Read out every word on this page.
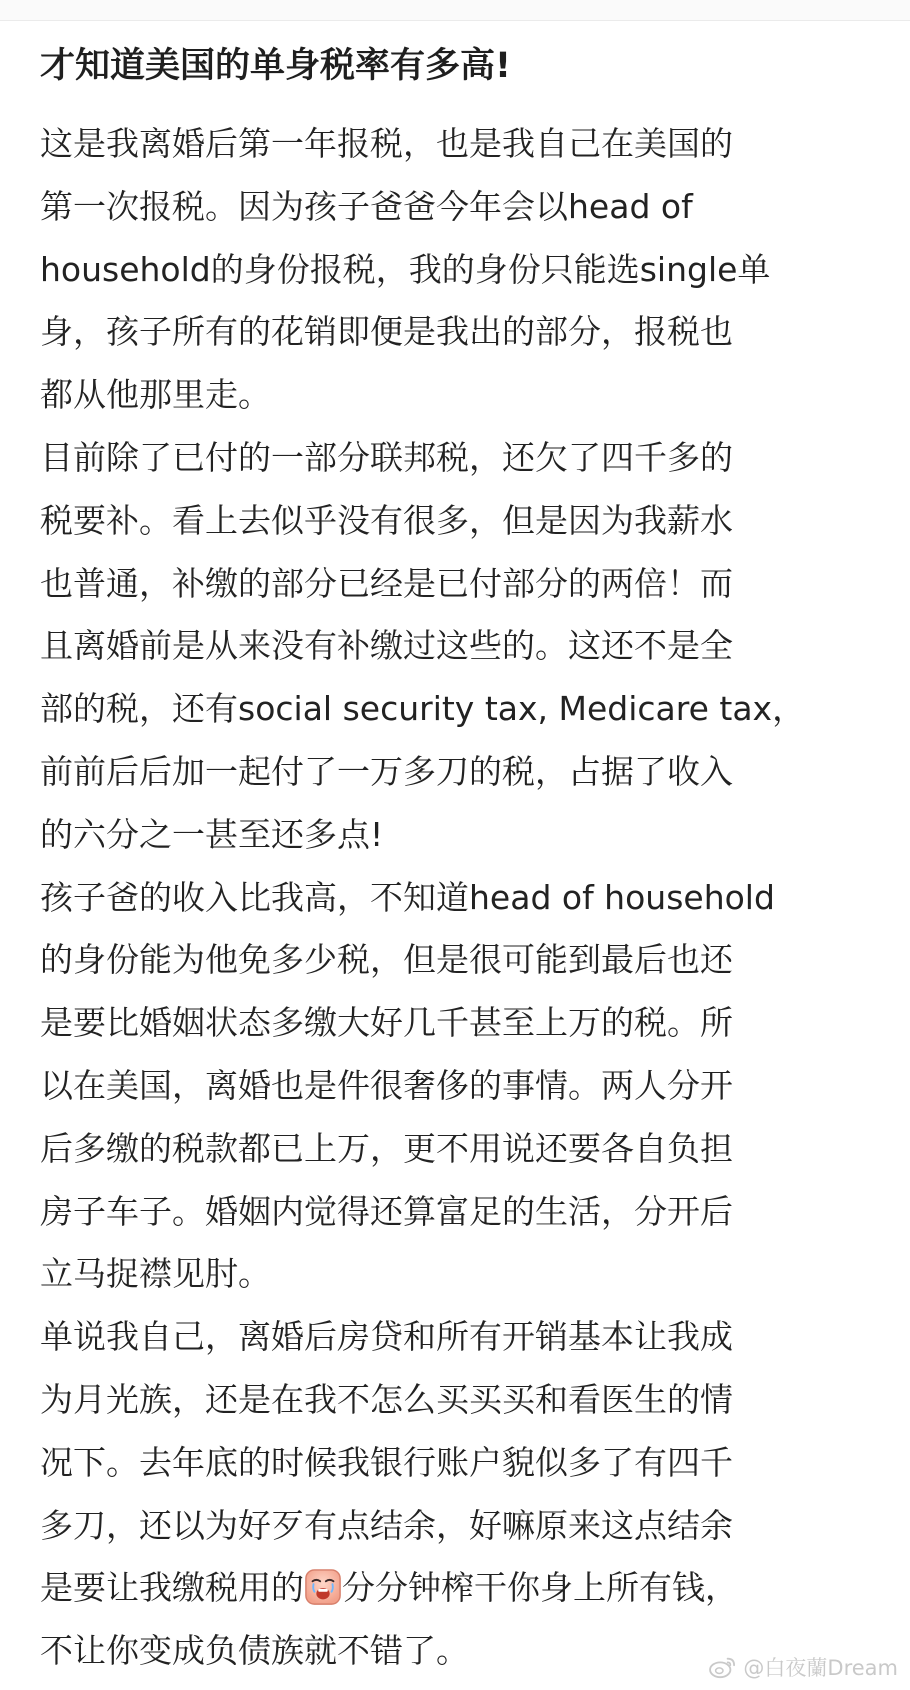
才知道美国的单身税率有多高!
这是我离婚后第一年报税，也是我自己在美国的
第一次报税。因为孩子爸爸今年会以head of
household的身份报税，我的身份只能选single单
身，孩子所有的花销即便是我出的部分，报税也
都从他那里走。
目前除了已付的一部分联邦税，还欠了四千多的
税要补。看上去似乎没有很多，但是因为我薪水
也普通，补缴的部分已经是已付部分的两倍！而
且离婚前是从来没有补缴过这些的。这还不是全
部的税，还有social security tax, Medicare tax，
前前后后加一起付了一万多刀的税，占据了收入
的六分之一甚至还多点!
孩子爸的收入比我高，不知道head of household
的身份能为他免多少税，但是很可能到最后也还
是要比婚姻状态多缴大好几千甚至上万的税。所
以在美国，离婚也是件很奢侈的事情。两人分开
后多缴的税款都已上万，更不用说还要各自负担
房子车子。婚姻内觉得还算富足的生活，分开后
立马捉襟见肘。
单说我自己，离婚后房贷和所有开销基本让我成
为月光族，还是在我不怎么买买买和看医生的情
况下。去年底的时候我银行账户貌似多了有四千
多刀，还以为好歹有点结余，好嘛原来这点结余
是要让我缴税用的 分分钟榨干你身上所有钱，
不让你变成负债族就不错了。	@白夜蘭Dream
